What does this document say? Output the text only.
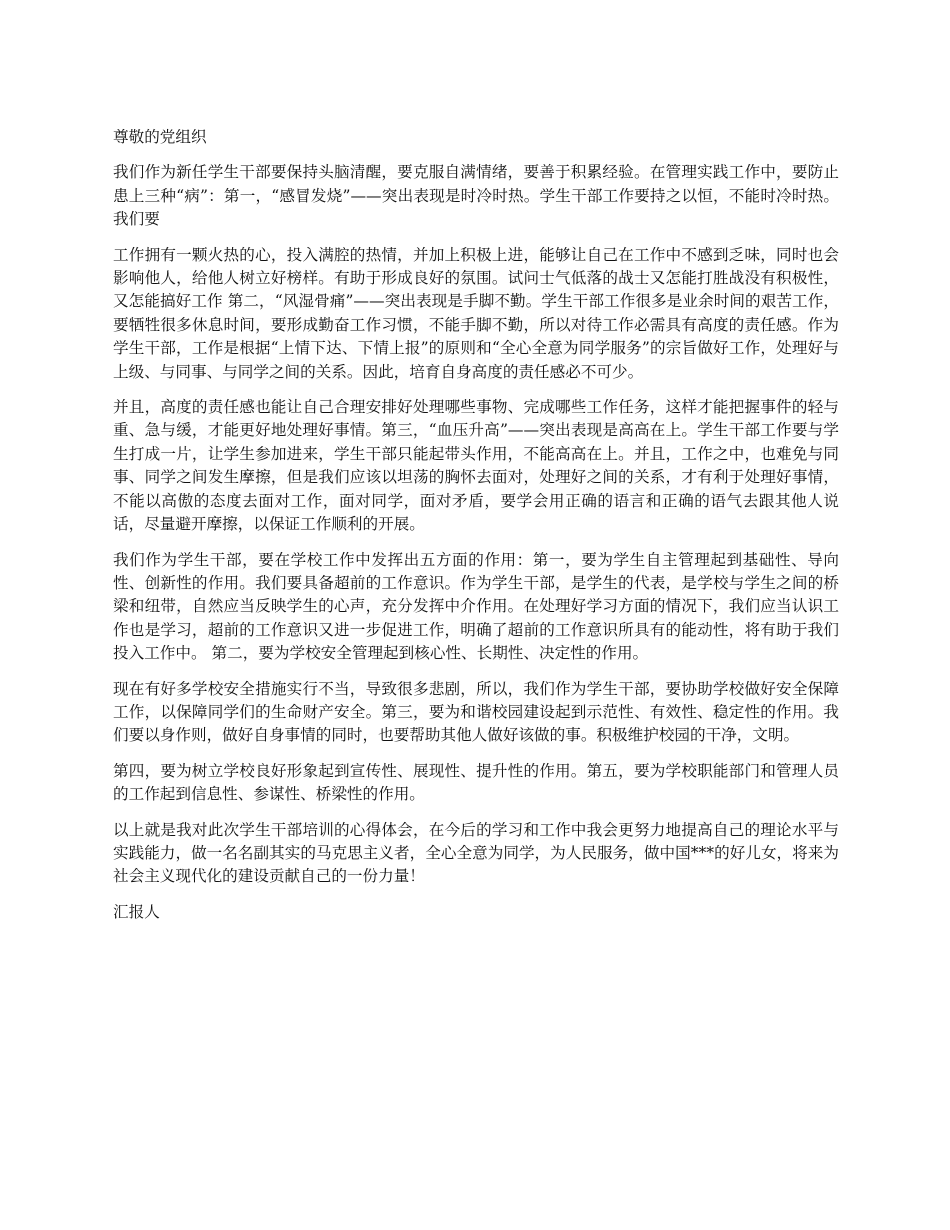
尊敬的党组织

我们作为新任学生干部要保持头脑清醒，要克服自满情绪，要善于积累经验。在管理实践工作中，要防止患上三种“病”：第一，“感冒发烧”——突出表现是时冷时热。学生干部工作要持之以恒，不能时冷时热。我们要

工作拥有一颗火热的心，投入满腔的热情，并加上积极上进，能够让自己在工作中不感到乏味，同时也会影响他人，给他人树立好榜样。有助于形成良好的氛围。试问士气低落的战士又怎能打胜战没有积极性，又怎能搞好工作 第二，“风湿骨痛”——突出表现是手脚不勤。学生干部工作很多是业余时间的艰苦工作，要牺牲很多休息时间，要形成勤奋工作习惯，不能手脚不勤，所以对待工作必需具有高度的责任感。作为学生干部，工作是根据“上情下达、下情上报”的原则和“全心全意为同学服务”的宗旨做好工作，处理好与上级、与同事、与同学之间的关系。因此，培育自身高度的责任感必不可少。

并且，高度的责任感也能让自己合理安排好处理哪些事物、完成哪些工作任务，这样才能把握事件的轻与重、急与缓，才能更好地处理好事情。第三，“血压升高”——突出表现是高高在上。学生干部工作要与学生打成一片，让学生参加进来，学生干部只能起带头作用，不能高高在上。并且，工作之中，也难免与同事、同学之间发生摩擦，但是我们应该以坦荡的胸怀去面对，处理好之间的关系，才有利于处理好事情，不能以高傲的态度去面对工作，面对同学，面对矛盾，要学会用正确的语言和正确的语气去跟其他人说话，尽量避开摩擦，以保证工作顺利的开展。

我们作为学生干部，要在学校工作中发挥出五方面的作用：第一，要为学生自主管理起到基础性、导向性、创新性的作用。我们要具备超前的工作意识。作为学生干部，是学生的代表，是学校与学生之间的桥梁和纽带，自然应当反映学生的心声，充分发挥中介作用。在处理好学习方面的情况下，我们应当认识工作也是学习，超前的工作意识又进一步促进工作，明确了超前的工作意识所具有的能动性，将有助于我们投入工作中。 第二，要为学校安全管理起到核心性、长期性、决定性的作用。

现在有好多学校安全措施实行不当，导致很多悲剧，所以，我们作为学生干部，要协助学校做好安全保障工作，以保障同学们的生命财产安全。第三，要为和谐校园建设起到示范性、有效性、稳定性的作用。我们要以身作则，做好自身事情的同时，也要帮助其他人做好该做的事。积极维护校园的干净，文明。

第四，要为树立学校良好形象起到宣传性、展现性、提升性的作用。第五，要为学校职能部门和管理人员的工作起到信息性、参谋性、桥梁性的作用。

以上就是我对此次学生干部培训的心得体会，在今后的学习和工作中我会更努力地提高自己的理论水平与实践能力，做一名名副其实的马克思主义者，全心全意为同学，为人民服务，做中国***的好儿女，将来为社会主义现代化的建设贡献自己的一份力量！

汇报人
